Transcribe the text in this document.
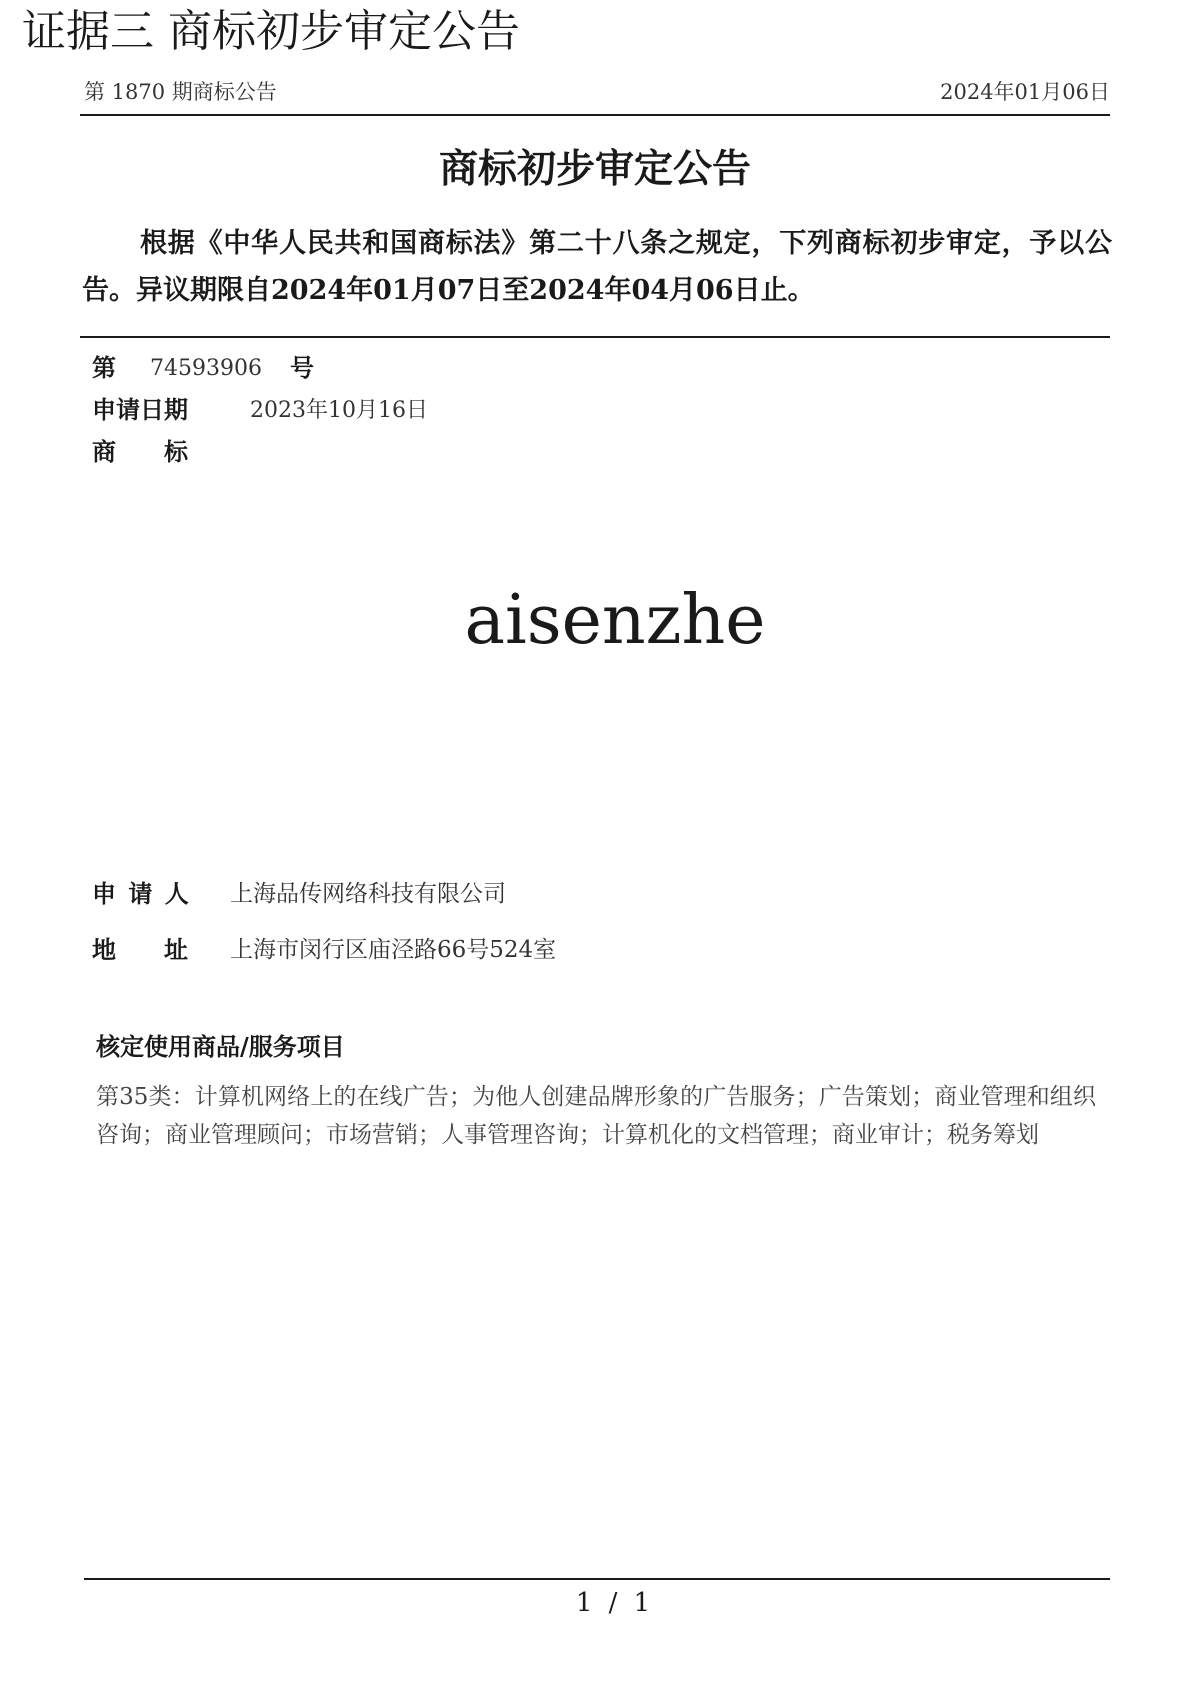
证据三 商标初步审定公告
第 1870 期商标公告	2024年01月06日
商标初步审定公告
根据《中华人民共和国商标法》第二十八条之规定，下列商标初步审定，予以公告。异议期限自2024年01月07日至2024年04月06日止。
第 74593906 号
申请日期	2023年10月16日
商　　标
aisenzhe
申 请 人 上海品传网络科技有限公司
地　　址 上海市闵行区庙泾路66号524室
核定使用商品/服务项目
第35类：计算机网络上的在线广告；为他人创建品牌形象的广告服务；广告策划；商业管理和组织咨询；商业管理顾问；市场营销；人事管理咨询；计算机化的文档管理；商业审计；税务筹划
1 / 1
